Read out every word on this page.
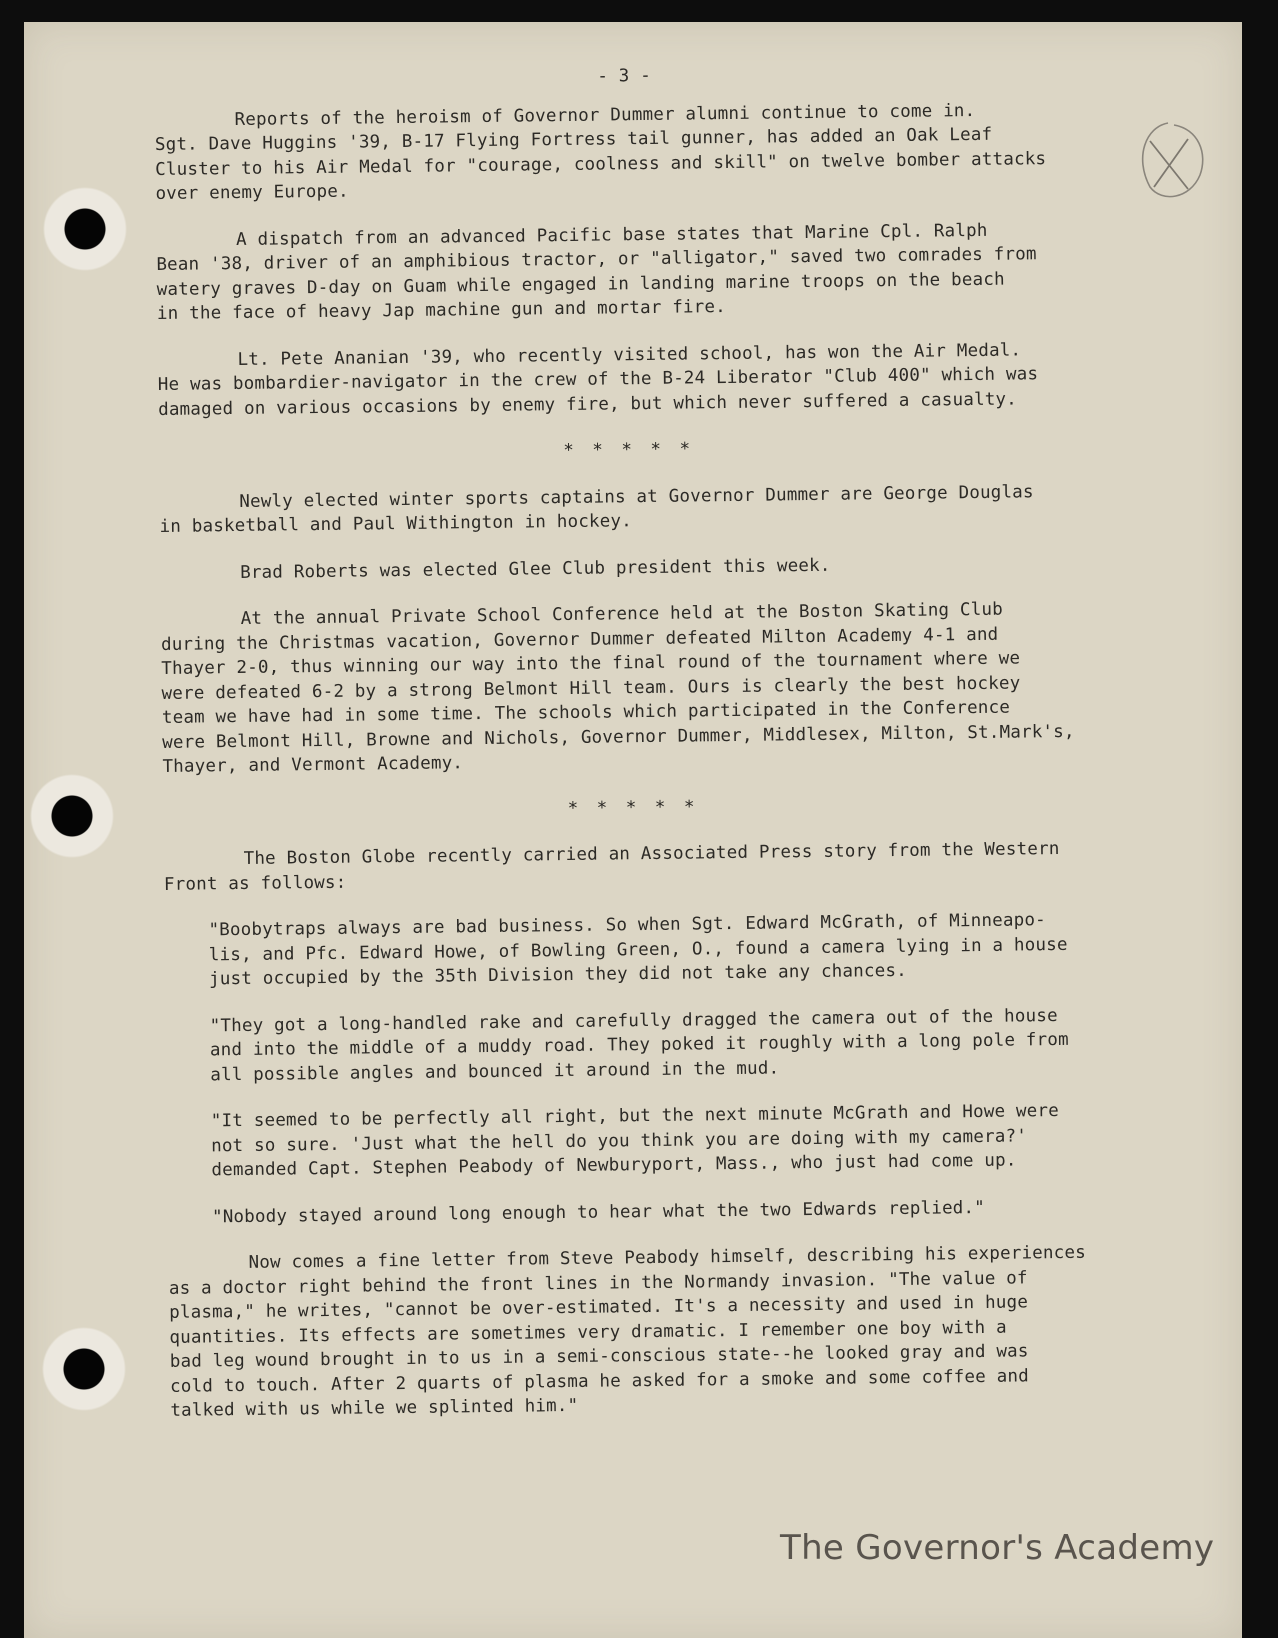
- 3 -

Reports of the heroism of Governor Dummer alumni continue to come in.
Sgt. Dave Huggins '39, B-17 Flying Fortress tail gunner, has added an Oak Leaf
Cluster to his Air Medal for "courage, coolness and skill" on twelve bomber attacks
over enemy Europe.

A dispatch from an advanced Pacific base states that Marine Cpl. Ralph
Bean '38, driver of an amphibious tractor, or "alligator," saved two comrades from
watery graves D-day on Guam while engaged in landing marine troops on the beach
in the face of heavy Jap machine gun and mortar fire.

Lt. Pete Ananian '39, who recently visited school, has won the Air Medal.
He was bombardier-navigator in the crew of the B-24 Liberator "Club 400" which was
damaged on various occasions by enemy fire, but which never suffered a casualty.

* * * * *

Newly elected winter sports captains at Governor Dummer are George Douglas
in basketball and Paul Withington in hockey.

Brad Roberts was elected Glee Club president this week.

At the annual Private School Conference held at the Boston Skating Club
during the Christmas vacation, Governor Dummer defeated Milton Academy 4-1 and
Thayer 2-0, thus winning our way into the final round of the tournament where we
were defeated 6-2 by a strong Belmont Hill team. Ours is clearly the best hockey
team we have had in some time. The schools which participated in the Conference
were Belmont Hill, Browne and Nichols, Governor Dummer, Middlesex, Milton, St.Mark's,
Thayer, and Vermont Academy.

* * * * *

The Boston Globe recently carried an Associated Press story from the Western
Front as follows:

"Boobytraps always are bad business. So when Sgt. Edward McGrath, of Minneapo-
lis, and Pfc. Edward Howe, of Bowling Green, O., found a camera lying in a house
just occupied by the 35th Division they did not take any chances.

"They got a long-handled rake and carefully dragged the camera out of the house
and into the middle of a muddy road. They poked it roughly with a long pole from
all possible angles and bounced it around in the mud.

"It seemed to be perfectly all right, but the next minute McGrath and Howe were
not so sure. 'Just what the hell do you think you are doing with my camera?'
demanded Capt. Stephen Peabody of Newburyport, Mass., who just had come up.

"Nobody stayed around long enough to hear what the two Edwards replied."

Now comes a fine letter from Steve Peabody himself, describing his experiences
as a doctor right behind the front lines in the Normandy invasion. "The value of
plasma," he writes, "cannot be over-estimated. It's a necessity and used in huge
quantities. Its effects are sometimes very dramatic. I remember one boy with a
bad leg wound brought in to us in a semi-conscious state--he looked gray and was
cold to touch. After 2 quarts of plasma he asked for a smoke and some coffee and
talked with us while we splinted him."

The Governor's Academy
